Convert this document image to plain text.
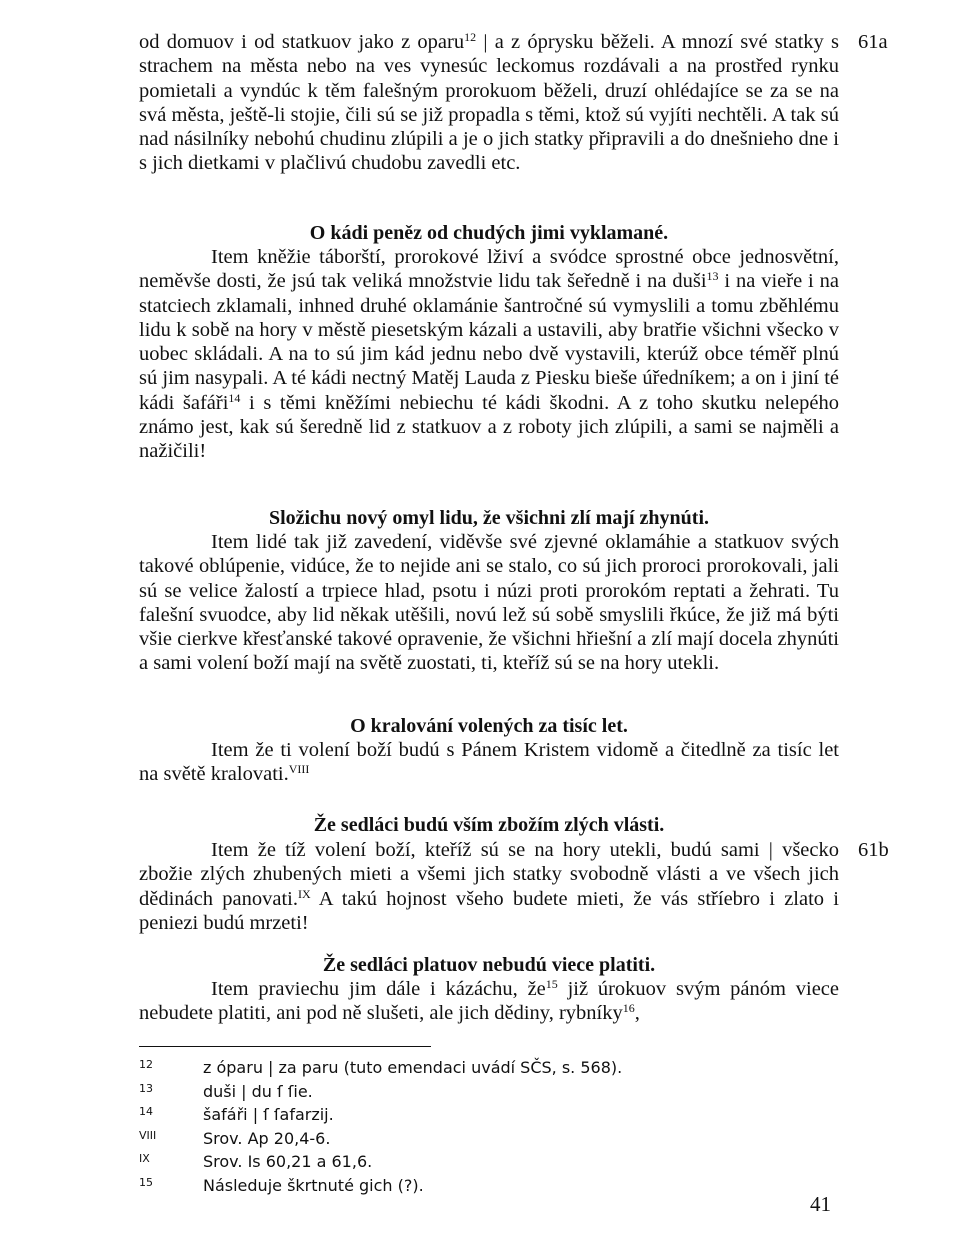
od domuov i od statkuov jako z oparu$^{12}$ | a z óprysku běželi. A mnozí své statky s strachem na města nebo na ves vynesúc leckomus rozdávali a na prostřed rynku pomietali a vyndúc k těm falešným prorokuom běželi, druzí ohlédajíce se za se na svá města, ještě-li stojie, čili sú se již propadla s těmi, ktož sú vyjíti nechtěli. A tak sú nad násilníky nebohú chudinu zlúpili a je o jich statky připravili a do dnešnieho dne i s jich dietkami v plačlivú chudobu zavedli etc.
61a
O kádi peněz od chudých jimi vyklamané.
Item kněžie táborští, prorokové lživí a svódce sprostné obce jednosvětní, neměvše dosti, že jsú tak veliká množstvie lidu tak šeředně i na duši$^{13}$ i na vieře i na statciech zklamali, inhned druhé oklamánie šantročné sú vymyslili a tomu zběhlému lidu k sobě na hory v městě piesetským kázali a ustavili, aby bratřie všichni všecko v uobec skládali. A na to sú jim kád jednu nebo dvě vystavili, kterúž obce téměř plnú sú jim nasypali. A té kádi nectný Matěj Lauda z Piesku bieše úředníkem; a on i jiní té kádi šafáři$^{14}$ i s těmi kněžími nebiechu té kádi škodni. A z toho skutku nelepého známo jest, kak sú šeredně lid z statkuov a z roboty jich zlúpili, a sami se najměli a nažičili!
Složichu nový omyl lidu, že všichni zlí mají zhynúti.
Item lidé tak již zavedení, viděvše své zjevné oklamáhie a statkuov svých takové oblúpenie, vidúce, že to nejide ani se stalo, co sú jich proroci prorokovali, jali sú se velice žalostí a trpiece hlad, psotu i núzi proti prorokóm reptati a žehrati. Tu falešní svuodce, aby lid někak utěšili, novú lež sú sobě smyslili řkúce, že již má býti všie cierkve křesťanské takové opravenie, že všichni hřiešní a zlí mají docela zhynúti a sami volení boží mají na světě zuostati, ti, kteříž sú se na hory utekli.
O kralování volených za tisíc let.
Item že ti volení boží budú s Pánem Kristem vidomě a čitedlně za tisíc let na světě kralovati.$^{VIII}$
Že sedláci budú vším zbožím zlých vlásti.
Item že tíž volení boží, kteříž sú se na hory utekli, budú sami | všecko zbožie zlých zhubených mieti a všemi jich statky svobodně vlásti a ve všech jich dědinách panovati.$^{IX}$ A takú hojnost všeho budete mieti, že vás stříebro i zlato i peniezi budú mrzeti!
61b
Že sedláci platuov nebudú viece platiti.
Item praviechu jim dále i kázáchu, $že^{15}$ již úrokuov svým pánóm viece nebudete platiti, ani pod ně slušeti, ale jich dědiny, rybníky$^{16}$,
12	z óparu | za paru (tuto emendaci uvádí SČS, s. 568).
13	duši | du ſ ſie.
14	šafáři | ſ ſafarzij.
VIII	Srov. Ap 20,4-6.
IX	Srov. Is 60,21 a 61,6.
15	Následuje škrtnuté gich (?).
41
